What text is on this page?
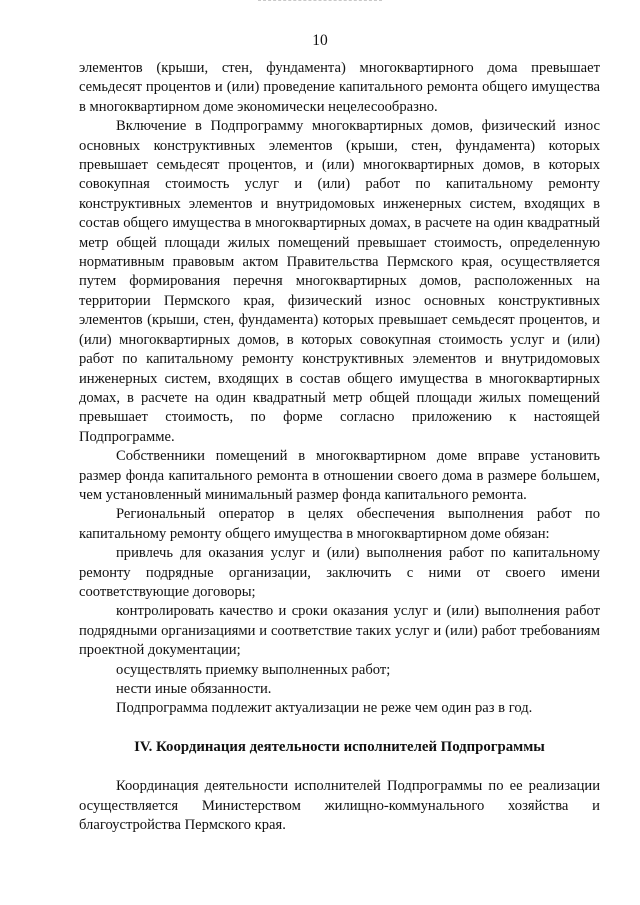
10

элементов (крыши, стен, фундамента) многоквартирного дома превышает семьдесят процентов и (или) проведение капитального ремонта общего имущества в многоквартирном доме экономически нецелесообразно.

Включение в Подпрограмму многоквартирных домов, физический износ основных конструктивных элементов (крыши, стен, фундамента) которых превышает семьдесят процентов, и (или) многоквартирных домов, в которых совокупная стоимость услуг и (или) работ по капитальному ремонту конструктивных элементов и внутридомовых инженерных систем, входящих в состав общего имущества в многоквартирных домах, в расчете на один квадратный метр общей площади жилых помещений превышает стоимость, определенную нормативным правовым актом Правительства Пермского края, осуществляется путем формирования перечня многоквартирных домов, расположенных на территории Пермского края, физический износ основных конструктивных элементов (крыши, стен, фундамента) которых превышает семьдесят процентов, и (или) многоквартирных домов, в которых совокупная стоимость услуг и (или) работ по капитальному ремонту конструктивных элементов и внутридомовых инженерных систем, входящих в состав общего имущества в многоквартирных домах, в расчете на один квадратный метр общей площади жилых помещений превышает стоимость, по форме согласно приложению к настоящей Подпрограмме.

Собственники помещений в многоквартирном доме вправе установить размер фонда капитального ремонта в отношении своего дома в размере большем, чем установленный минимальный размер фонда капитального ремонта.

Региональный оператор в целях обеспечения выполнения работ по капитальному ремонту общего имущества в многоквартирном доме обязан:

привлечь для оказания услуг и (или) выполнения работ по капитальному ремонту подрядные организации, заключить с ними от своего имени соответствующие договоры;

контролировать качество и сроки оказания услуг и (или) выполнения работ подрядными организациями и соответствие таких услуг и (или) работ требованиям проектной документации;

осуществлять приемку выполненных работ;

нести иные обязанности.

Подпрограмма подлежит актуализации не реже чем один раз в год.

IV. Координация деятельности исполнителей Подпрограммы

Координация деятельности исполнителей Подпрограммы по ее реализации осуществляется Министерством жилищно-коммунального хозяйства и благоустройства Пермского края.
